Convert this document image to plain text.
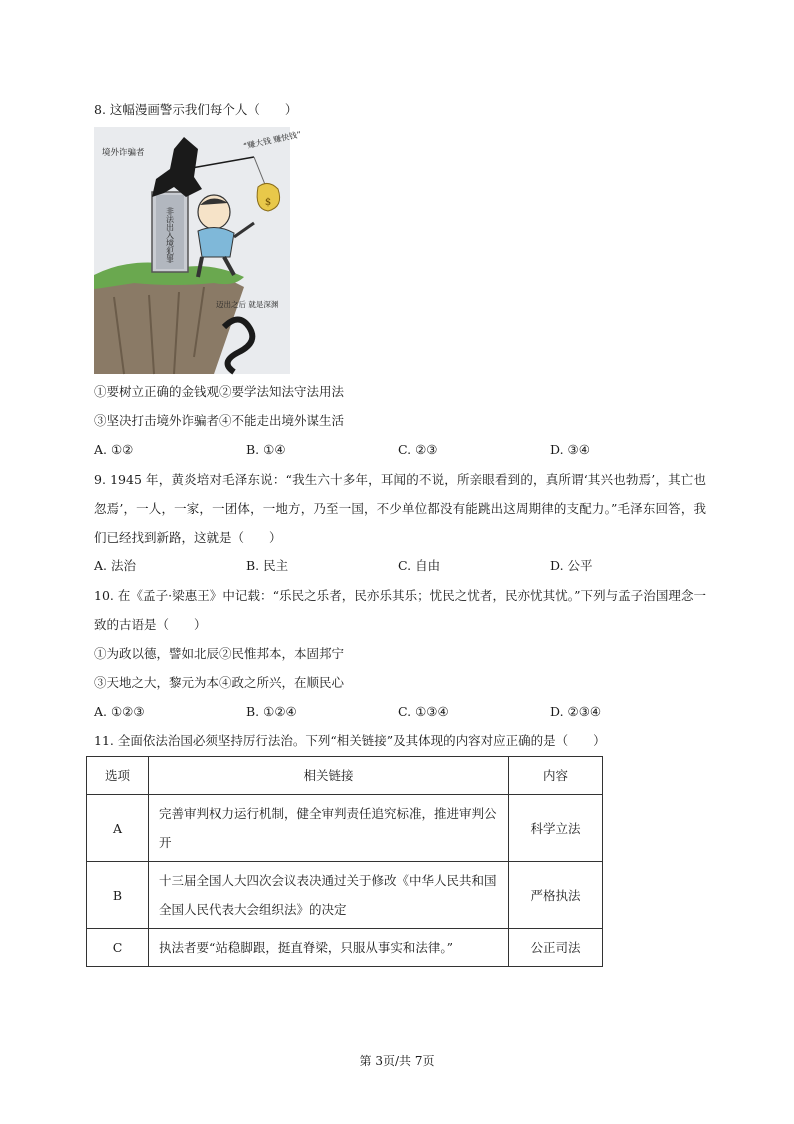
8. 这幅漫画警示我们每个人（　　）
$
境外诈骗者
“赚大钱 赚快钱”
非法出入境犯罪
迈出之后 就是深渊
①要树立正确的金钱观②要学法知法守法用法
③坚决打击境外诈骗者④不能走出境外谋生活
A. ①②	B. ①④	C. ②③	D. ③④
9. 1945 年，黄炎培对毛泽东说：“我生六十多年，耳闻的不说，所亲眼看到的，真所谓‘其兴也勃焉’，其亡也忽焉’，一人，一家，一团体，一地方，乃至一国，不少单位都没有能跳出这周期律的支配力。”毛泽东回答，我们已经找到新路，这就是（　　）
A. 法治	B. 民主	C. 自由	D. 公平
10. 在《孟子·梁惠王》中记载：“乐民之乐者，民亦乐其乐；忧民之忧者，民亦忧其忧。”下列与孟子治国理念一致的古语是（　　）
①为政以德，譬如北辰②民惟邦本，本固邦宁
③天地之大，黎元为本④政之所兴，在顺民心
A. ①②③	B. ①②④	C. ①③④	D. ②③④
11. 全面依法治国必须坚持厉行法治。下列“相关链接”及其体现的内容对应正确的是（　　）
选项	相关链接	内容
A	完善审判权力运行机制，健全审判责任追究标准，推进审判公开	科学立法
B	十三届全国人大四次会议表决通过关于修改《中华人民共和国全国人民代表大会组织法》的决定	严格执法
C	执法者要“站稳脚跟，挺直脊梁，只服从事实和法律。”	公正司法
第 3页/共 7页
